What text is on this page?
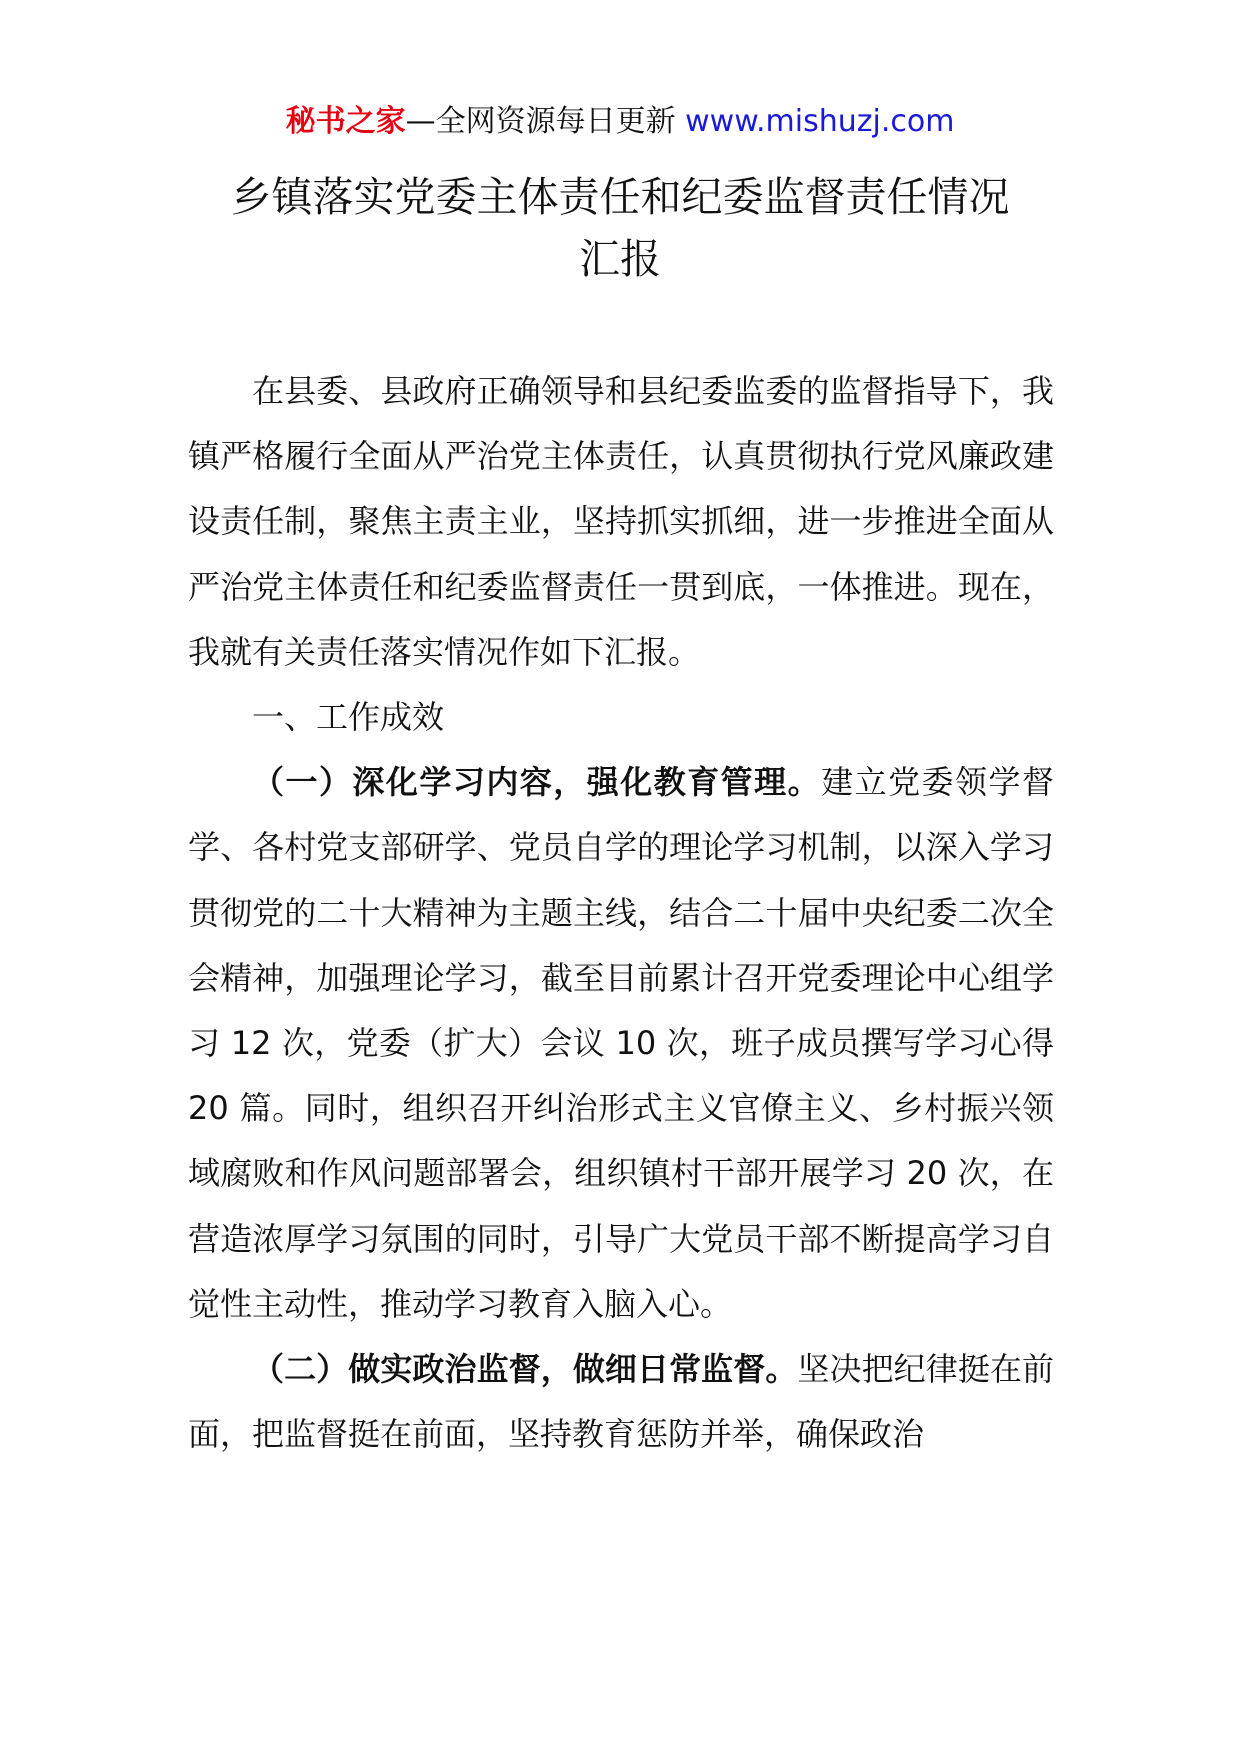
秘书之家—全网资源每日更新 www.mishuzj.com
乡镇落实党委主体责任和纪委监督责任情况
汇报

在县委、县政府正确领导和县纪委监委的监督指导下，我镇严格履行全面从严治党主体责任，认真贯彻执行党风廉政建设责任制，聚焦主责主业，坚持抓实抓细，进一步推进全面从严治党主体责任和纪委监督责任一贯到底，一体推进。现在，我就有关责任落实情况作如下汇报。

一、工作成效

（一）深化学习内容，强化教育管理。建立党委领学督学、各村党支部研学、党员自学的理论学习机制，以深入学习贯彻党的二十大精神为主题主线，结合二十届中央纪委二次全会精神，加强理论学习，截至目前累计召开党委理论中心组学习 12 次，党委（扩大）会议 10 次，班子成员撰写学习心得 20 篇。同时，组织召开纠治形式主义官僚主义、乡村振兴领域腐败和作风问题部署会，组织镇村干部开展学习 20 次，在营造浓厚学习氛围的同时，引导广大党员干部不断提高学习自觉性主动性，推动学习教育入脑入心。

（二）做实政治监督，做细日常监督。坚决把纪律挺在前面，把监督挺在前面，坚持教育惩防并举，确保政治
